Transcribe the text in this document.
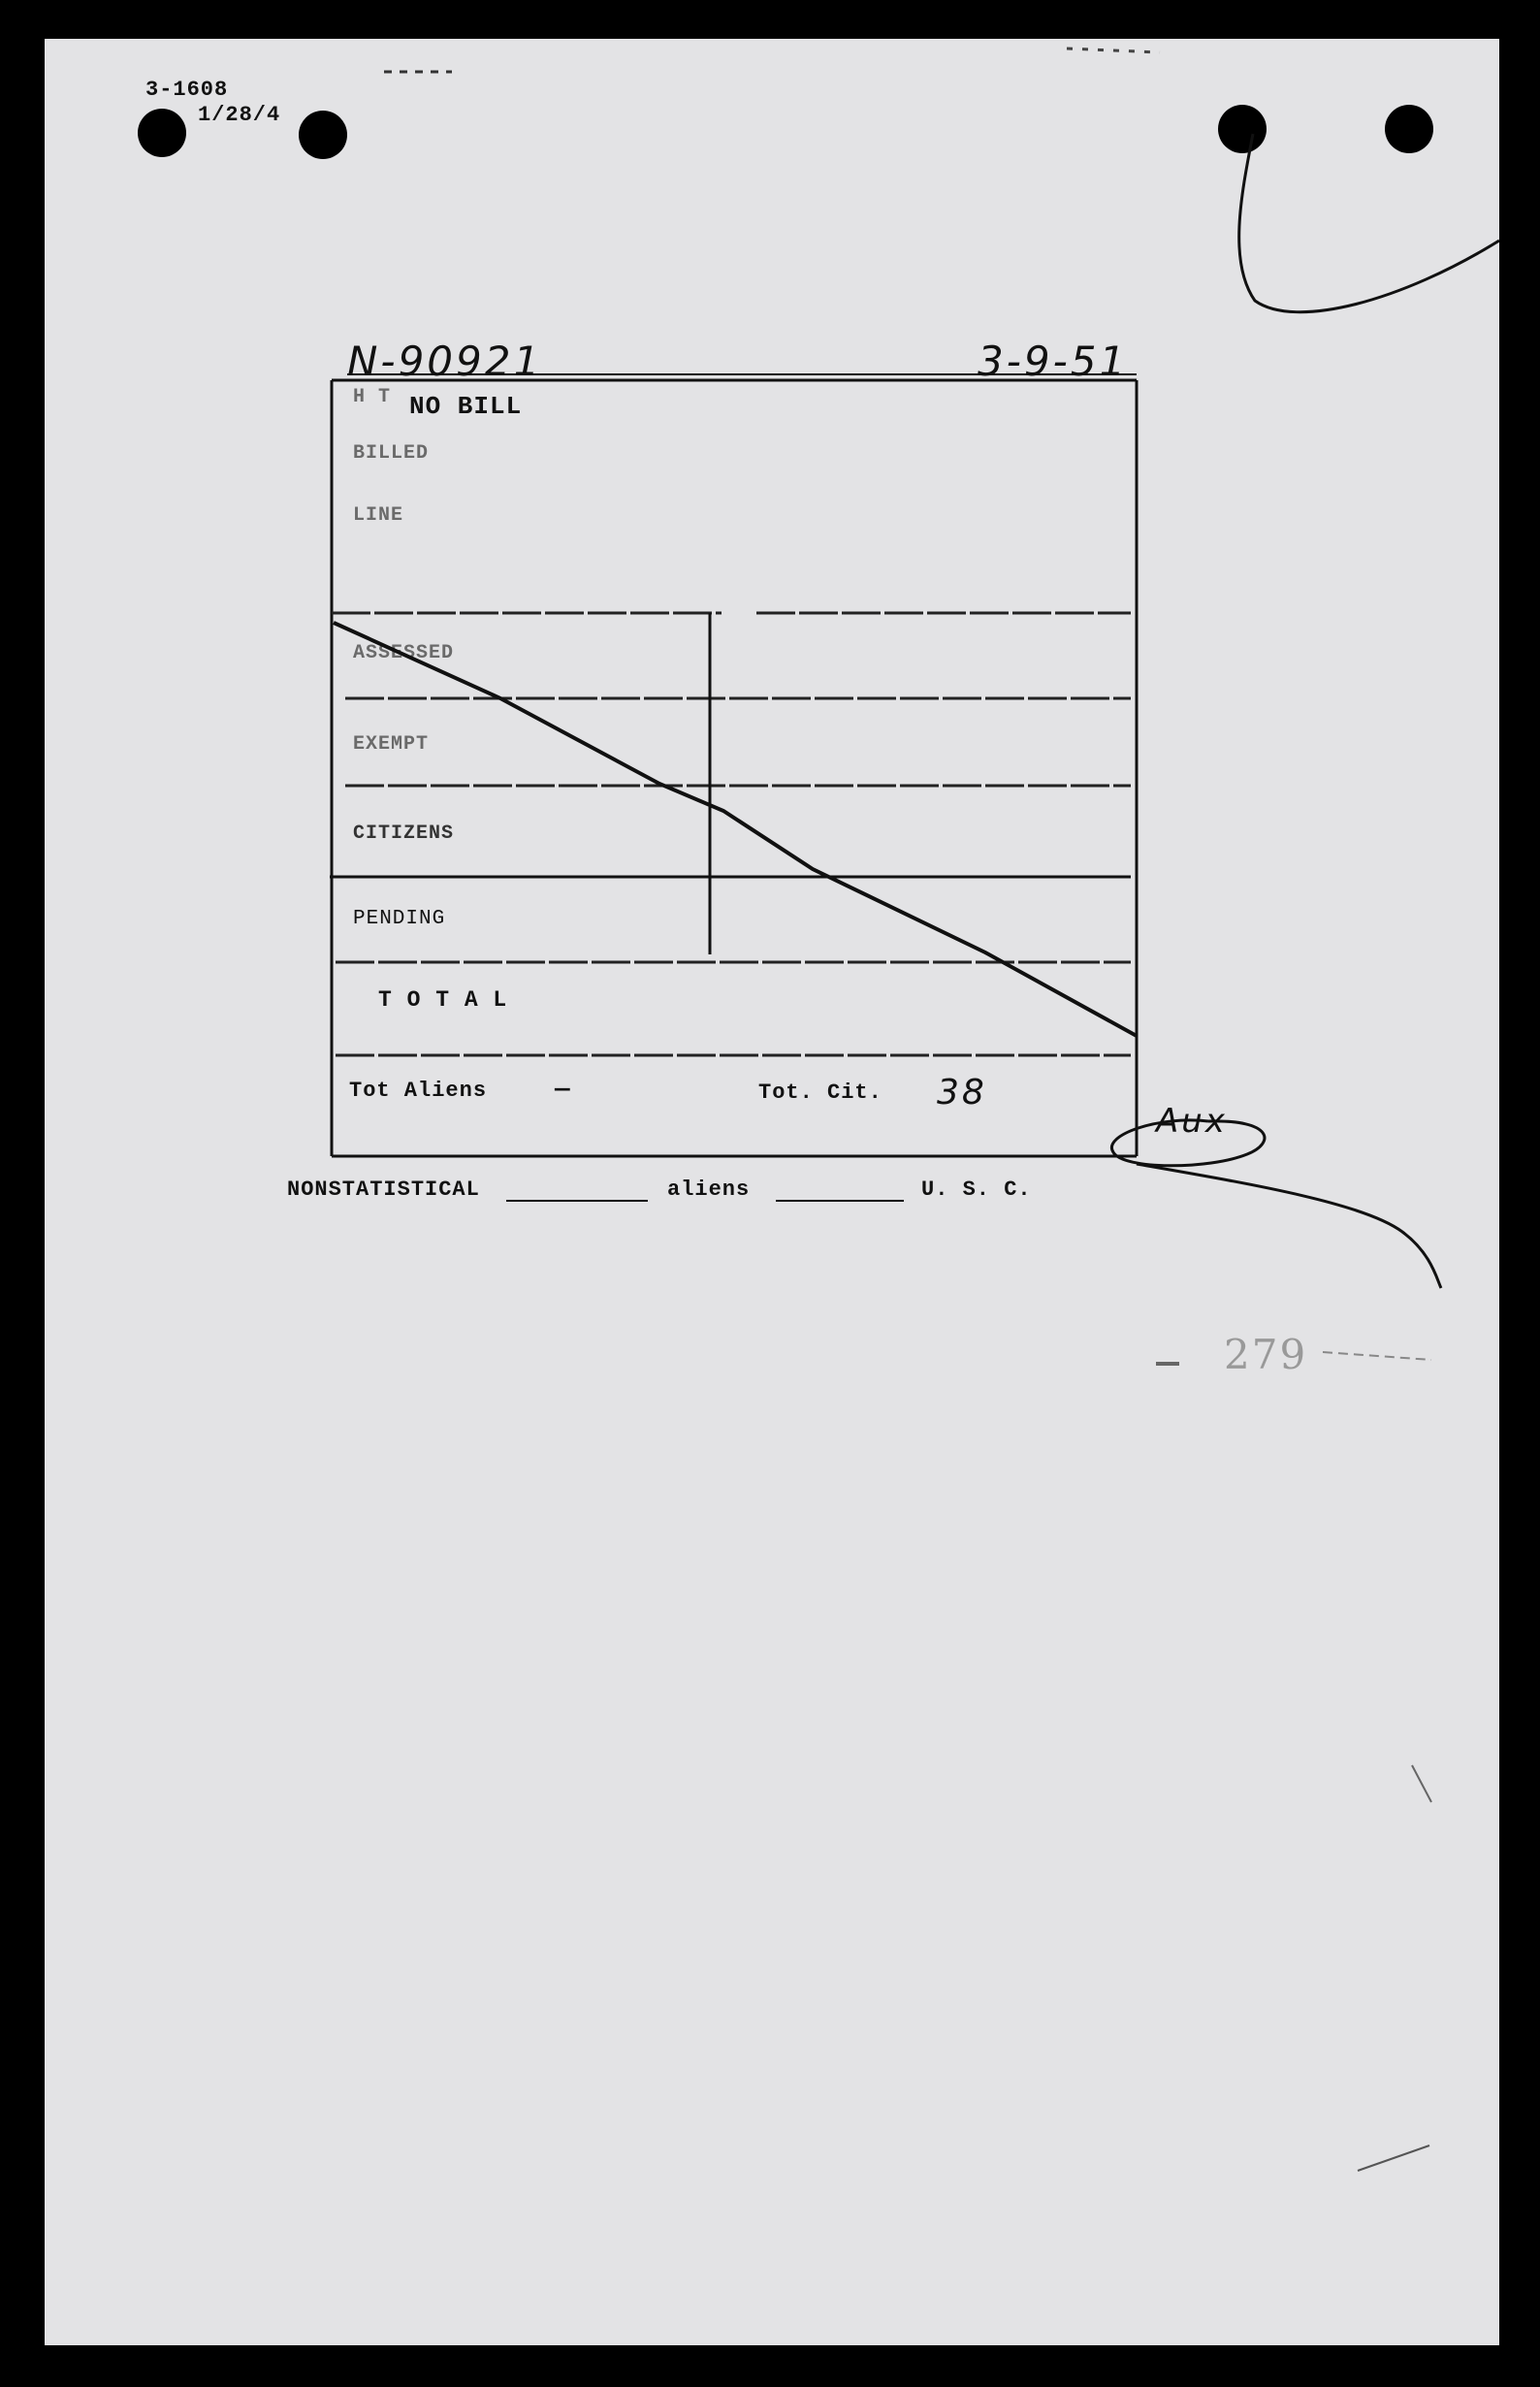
3-1608
1/28/4
N-90921	3-9-51
H T NO BILL
BILLED
LINE
ASSESSED
EXEMPT
CITIZENS
PENDING
T O T A L
Tot Aliens	—	Tot. Cit. 38
NONSTATISTICAL	aliens	U. S. C.
Aux
279
